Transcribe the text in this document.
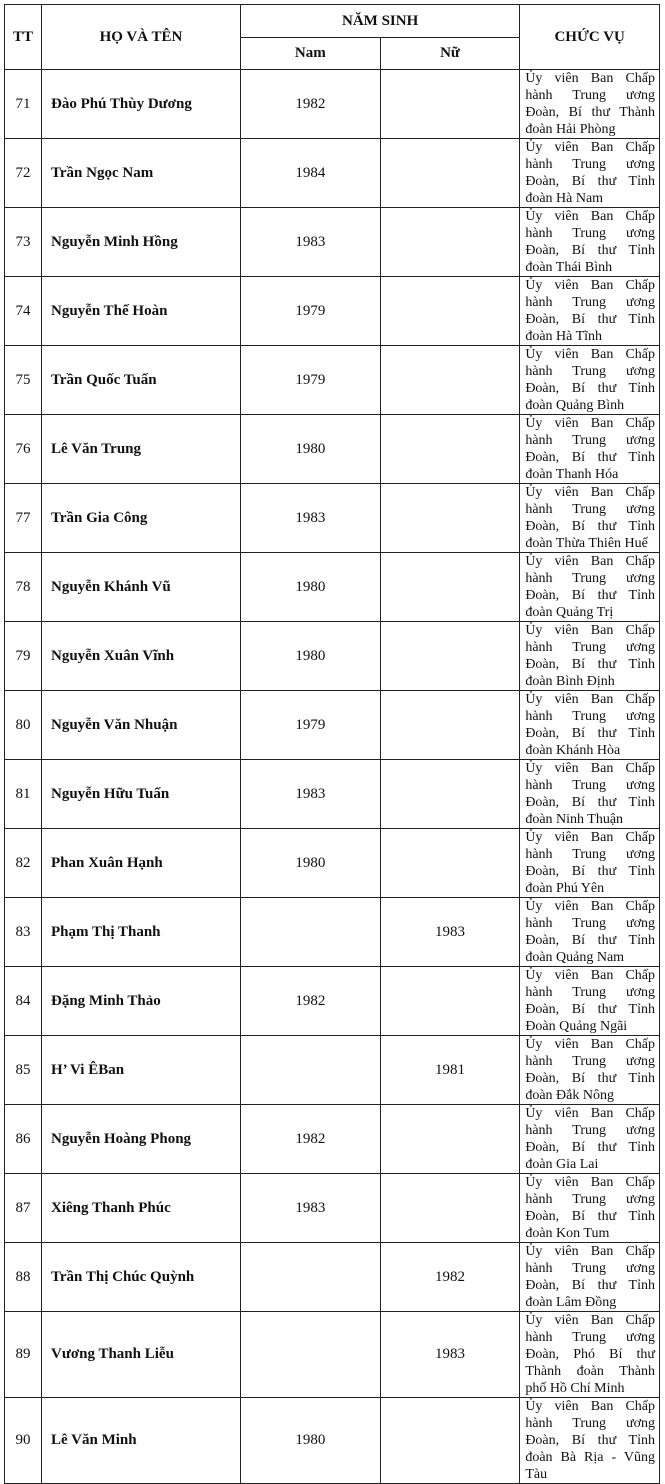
TT	HỌ VÀ TÊN	NĂM SINH		CHỨC VỤ
		Nam	Nữ	
71	Đào Phú Thùy Dương	1982		Ủy viên Ban Chấp hành Trung ương Đoàn, Bí thư Thành đoàn Hải Phòng
72	Trần Ngọc Nam	1984		Ủy viên Ban Chấp hành Trung ương Đoàn, Bí thư Tỉnh đoàn Hà Nam
73	Nguyễn Minh Hồng	1983		Ủy viên Ban Chấp hành Trung ương Đoàn, Bí thư Tỉnh đoàn Thái Bình
74	Nguyễn Thế Hoàn	1979		Ủy viên Ban Chấp hành Trung ương Đoàn, Bí thư Tỉnh đoàn Hà Tĩnh
75	Trần Quốc Tuấn	1979		Ủy viên Ban Chấp hành Trung ương Đoàn, Bí thư Tỉnh đoàn Quảng Bình
76	Lê Văn Trung	1980		Ủy viên Ban Chấp hành Trung ương Đoàn, Bí thư Tỉnh đoàn Thanh Hóa
77	Trần Gia Công	1983		Ủy viên Ban Chấp hành Trung ương Đoàn, Bí thư Tỉnh đoàn Thừa Thiên Huế
78	Nguyễn Khánh Vũ	1980		Ủy viên Ban Chấp hành Trung ương Đoàn, Bí thư Tỉnh đoàn Quảng Trị
79	Nguyễn Xuân Vĩnh	1980		Ủy viên Ban Chấp hành Trung ương Đoàn, Bí thư Tỉnh đoàn Bình Định
80	Nguyễn Văn Nhuận	1979		Ủy viên Ban Chấp hành Trung ương Đoàn, Bí thư Tỉnh đoàn Khánh Hòa
81	Nguyễn Hữu Tuấn	1983		Ủy viên Ban Chấp hành Trung ương Đoàn, Bí thư Tỉnh đoàn Ninh Thuận
82	Phan Xuân Hạnh	1980		Ủy viên Ban Chấp hành Trung ương Đoàn, Bí thư Tỉnh đoàn Phú Yên
83	Phạm Thị Thanh		1983	Ủy viên Ban Chấp hành Trung ương Đoàn, Bí thư Tỉnh đoàn Quảng Nam
84	Đặng Minh Thảo	1982		Ủy viên Ban Chấp hành Trung ương Đoàn, Bí thư Tỉnh Đoàn Quảng Ngãi
85	H’ Vi ÊBan		1981	Ủy viên Ban Chấp hành Trung ương Đoàn, Bí thư Tỉnh đoàn Đắk Nông
86	Nguyễn Hoàng Phong	1982		Ủy viên Ban Chấp hành Trung ương Đoàn, Bí thư Tỉnh đoàn Gia Lai
87	Xiêng Thanh Phúc	1983		Ủy viên Ban Chấp hành Trung ương Đoàn, Bí thư Tỉnh đoàn Kon Tum
88	Trần Thị Chúc Quỳnh		1982	Ủy viên Ban Chấp hành Trung ương Đoàn, Bí thư Tỉnh đoàn Lâm Đồng
89	Vương Thanh Liễu		1983	Ủy viên Ban Chấp hành Trung ương Đoàn, Phó Bí thư Thành đoàn Thành phố Hồ Chí Minh
90	Lê Văn Minh	1980		Ủy viên Ban Chấp hành Trung ương Đoàn, Bí thư Tỉnh đoàn Bà Rịa - Vũng Tàu
